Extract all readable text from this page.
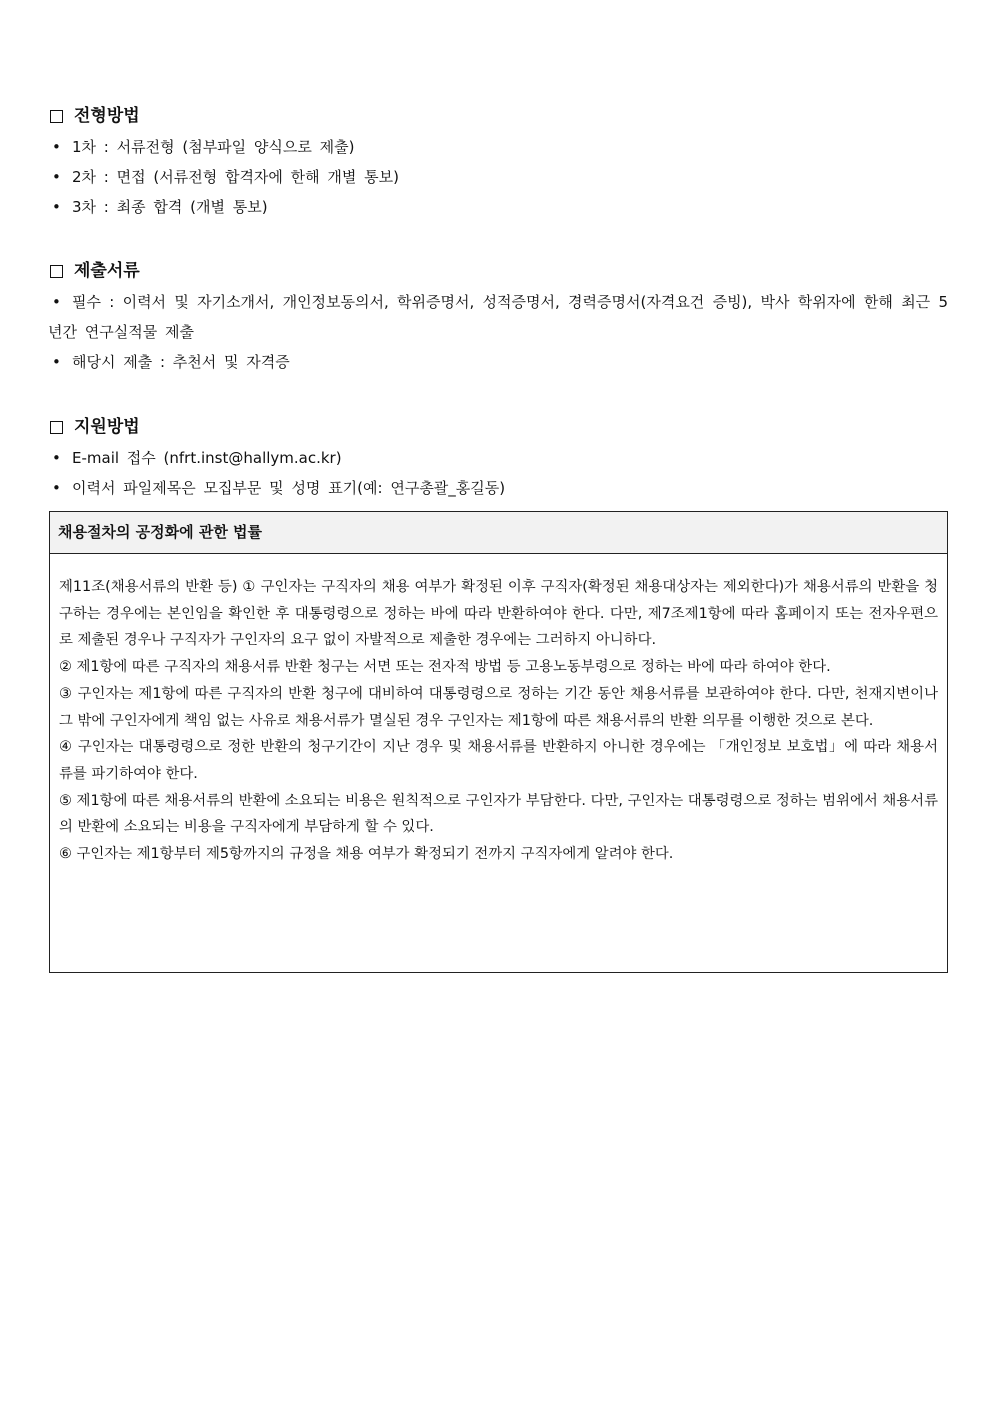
전형방법
• 1차 : 서류전형 (첨부파일 양식으로 제출)
• 2차 : 면접 (서류전형 합격자에 한해 개별 통보)
• 3차 : 최종 합격 (개별 통보)
제출서류
• 필수 : 이력서 및 자기소개서, 개인정보동의서, 학위증명서, 성적증명서, 경력증명서(자격요건 증빙), 박사 학위자에 한해 최근 5년간 연구실적물 제출
• 해당시 제출 : 추천서 및 자격증
지원방법
• E-mail 접수 (nfrt.inst@hallym.ac.kr)
• 이력서 파일제목은 모집부문 및 성명 표기(예: 연구총괄_홍길동)
채용절차의 공정화에 관한 법률

제11조(채용서류의 반환 등) ① 구인자는 구직자의 채용 여부가 확정된 이후 구직자(확정된 채용대상자는 제외한다)가 채용서류의 반환을 청구하는 경우에는 본인임을 확인한 후 대통령령으로 정하는 바에 따라 반환하여야 한다. 다만, 제7조제1항에 따라 홈페이지 또는 전자우편으로 제출된 경우나 구직자가 구인자의 요구 없이 자발적으로 제출한 경우에는 그러하지 아니하다.

② 제1항에 따른 구직자의 채용서류 반환 청구는 서면 또는 전자적 방법 등 고용노동부령으로 정하는 바에 따라 하여야 한다.

③ 구인자는 제1항에 따른 구직자의 반환 청구에 대비하여 대통령령으로 정하는 기간 동안 채용서류를 보관하여야 한다. 다만, 천재지변이나 그 밖에 구인자에게 책임 없는 사유로 채용서류가 멸실된 경우 구인자는 제1항에 따른 채용서류의 반환 의무를 이행한 것으로 본다.

④ 구인자는 대통령령으로 정한 반환의 청구기간이 지난 경우 및 채용서류를 반환하지 아니한 경우에는 「개인정보 보호법」에 따라 채용서류를 파기하여야 한다.

⑤ 제1항에 따른 채용서류의 반환에 소요되는 비용은 원칙적으로 구인자가 부담한다. 다만, 구인자는 대통령령으로 정하는 범위에서 채용서류의 반환에 소요되는 비용을 구직자에게 부담하게 할 수 있다.

⑥ 구인자는 제1항부터 제5항까지의 규정을 채용 여부가 확정되기 전까지 구직자에게 알려야 한다.
